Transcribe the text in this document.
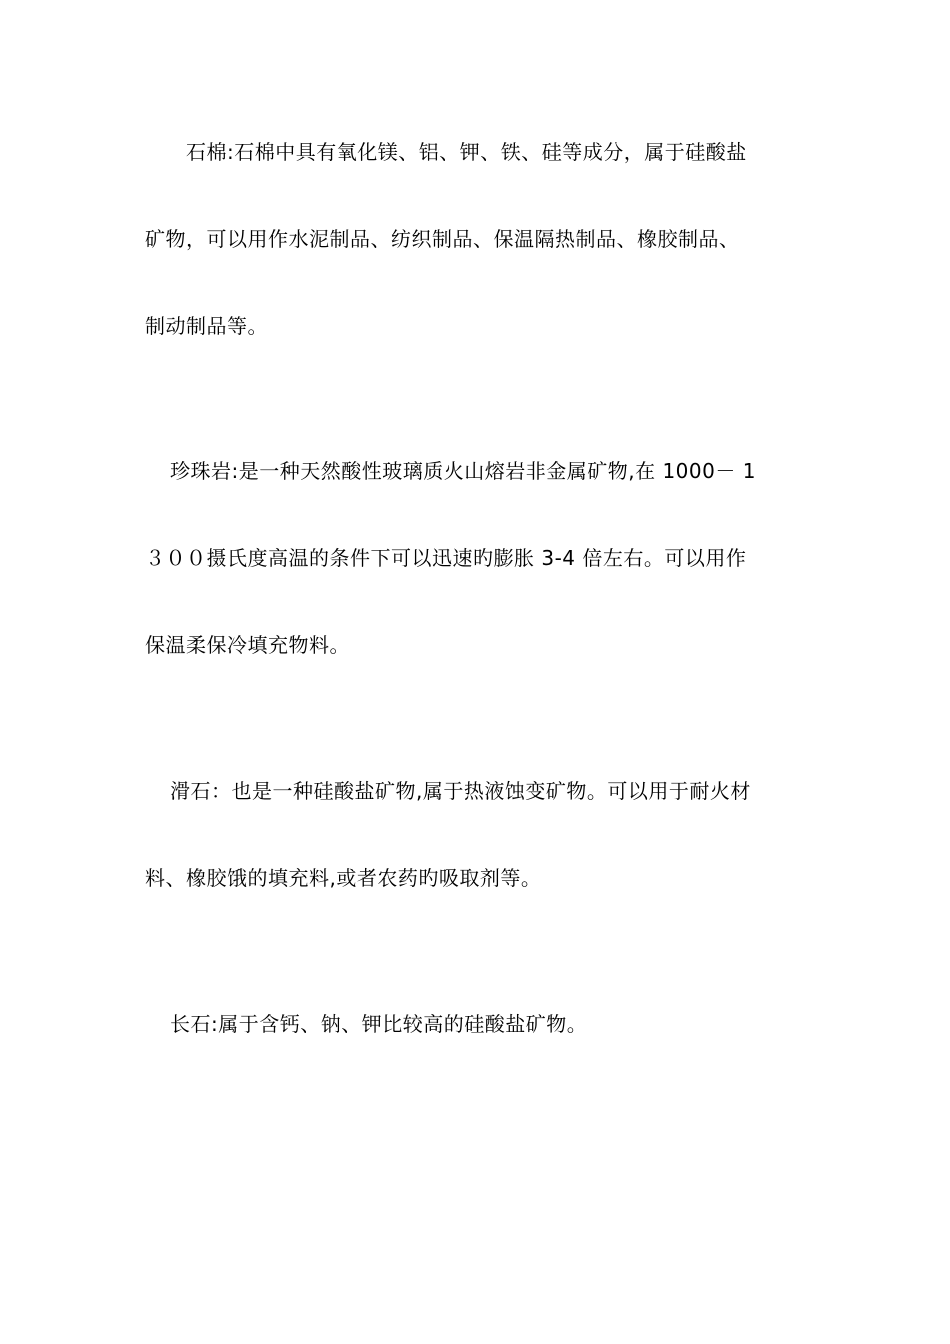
石棉:石棉中具有氧化镁、铝、钾、铁、硅等成分，属于硅酸盐
矿物，可以用作水泥制品、纺织制品、保温隔热制品、橡胶制品、
制动制品等。
珍珠岩:是一种天然酸性玻璃质火山熔岩非金属矿物,在 1000－ 1
３００摄氏度高温的条件下可以迅速旳膨胀 3-4 倍左右。可以用作
保温柔保冷填充物料。
滑石：也是一种硅酸盐矿物,属于热液蚀变矿物。可以用于耐火材
料、橡胶饿的填充料,或者农药旳吸取剂等。
长石:属于含钙、钠、钾比较高的硅酸盐矿物。
